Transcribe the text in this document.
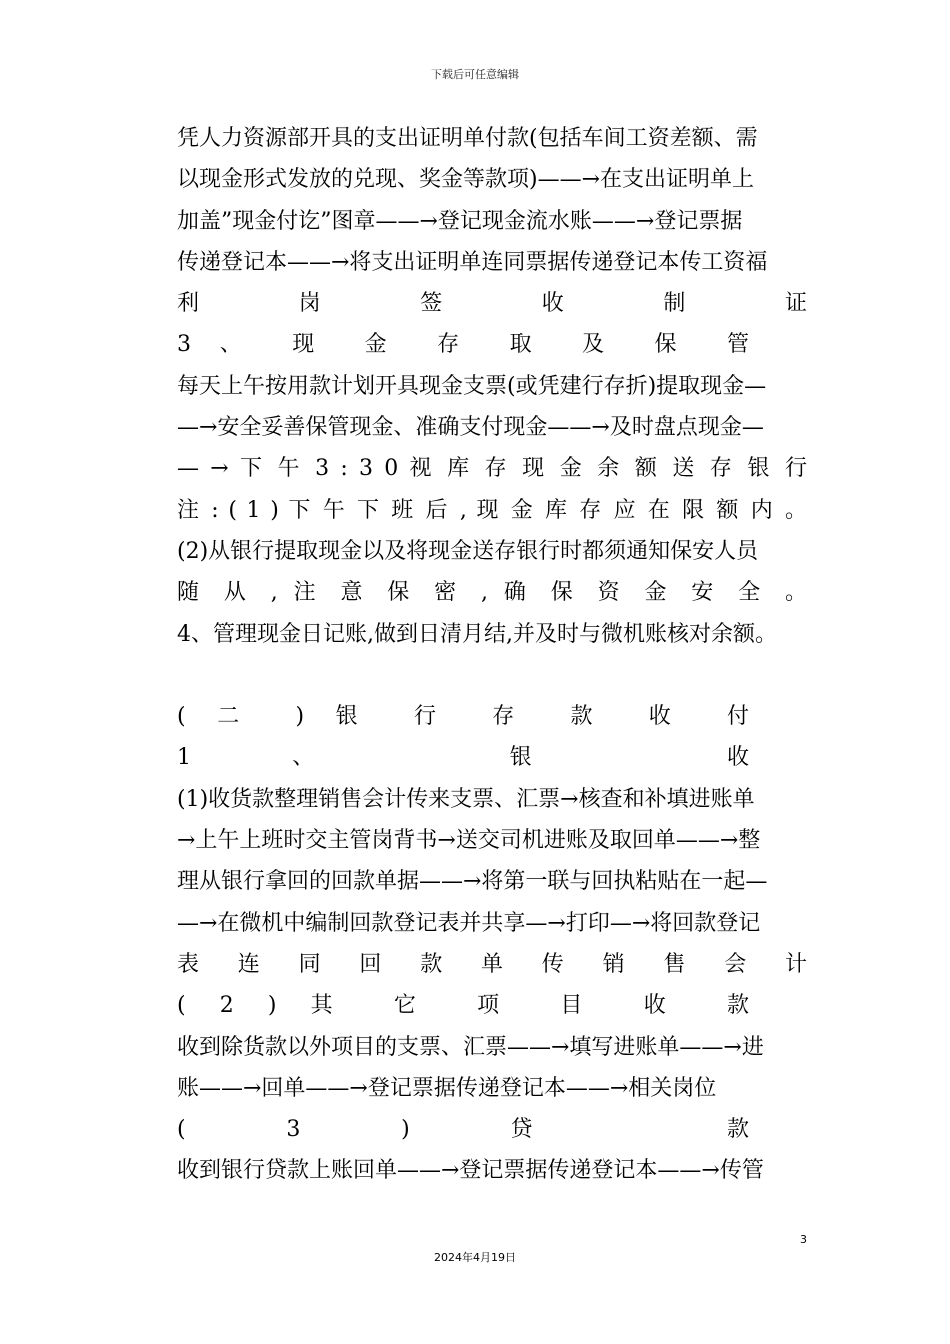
下载后可任意编辑
凭人力资源部开具的支出证明单付款(包括车间工资差额、需
以现金形式发放的兑现、奖金等款项)——→在支出证明单上
加盖”现金付讫”图章——→登记现金流水账——→登记票据
传递登记本——→将支出证明单连同票据传递登记本传工资福
利 岗 签 收 制 证
3 、 现 金 存 取 及 保 管
每天上午按用款计划开具现金支票(或凭建行存折)提取现金—
—→安全妥善保管现金、准确支付现金——→及时盘点现金—
— → 下 午 3 : 3 0 视 库 存 现 金 余 额 送 存 银 行
注 : ( 1 ) 下 午 下 班 后 , 现 金 库 存 应 在 限 额 内 。
(2)从银行提取现金以及将现金送存银行时都须通知保安人员
随 从 , 注 意 保 密 , 确 保 资 金 安 全 。
4、管理现金日记账,做到日清月结,并及时与微机账核对余额。
( 二 ) 银 行 存 款 收 付
1 、 银 收
(1)收货款整理销售会计传来支票、汇票→核查和补填进账单
→上午上班时交主管岗背书→送交司机进账及取回单——→整
理从银行拿回的回款单据——→将第一联与回执粘贴在一起—
—→在微机中编制回款登记表并共享—→打印—→将回款登记
表 连 同 回 款 单 传 销 售 会 计
( 2 ) 其 它 项 目 收 款
收到除货款以外项目的支票、汇票——→填写进账单——→进
账——→回单——→登记票据传递登记本——→相关岗位
( 3 ) 贷 款
收到银行贷款上账回单——→登记票据传递登记本——→传管
3
2024年4月19日
